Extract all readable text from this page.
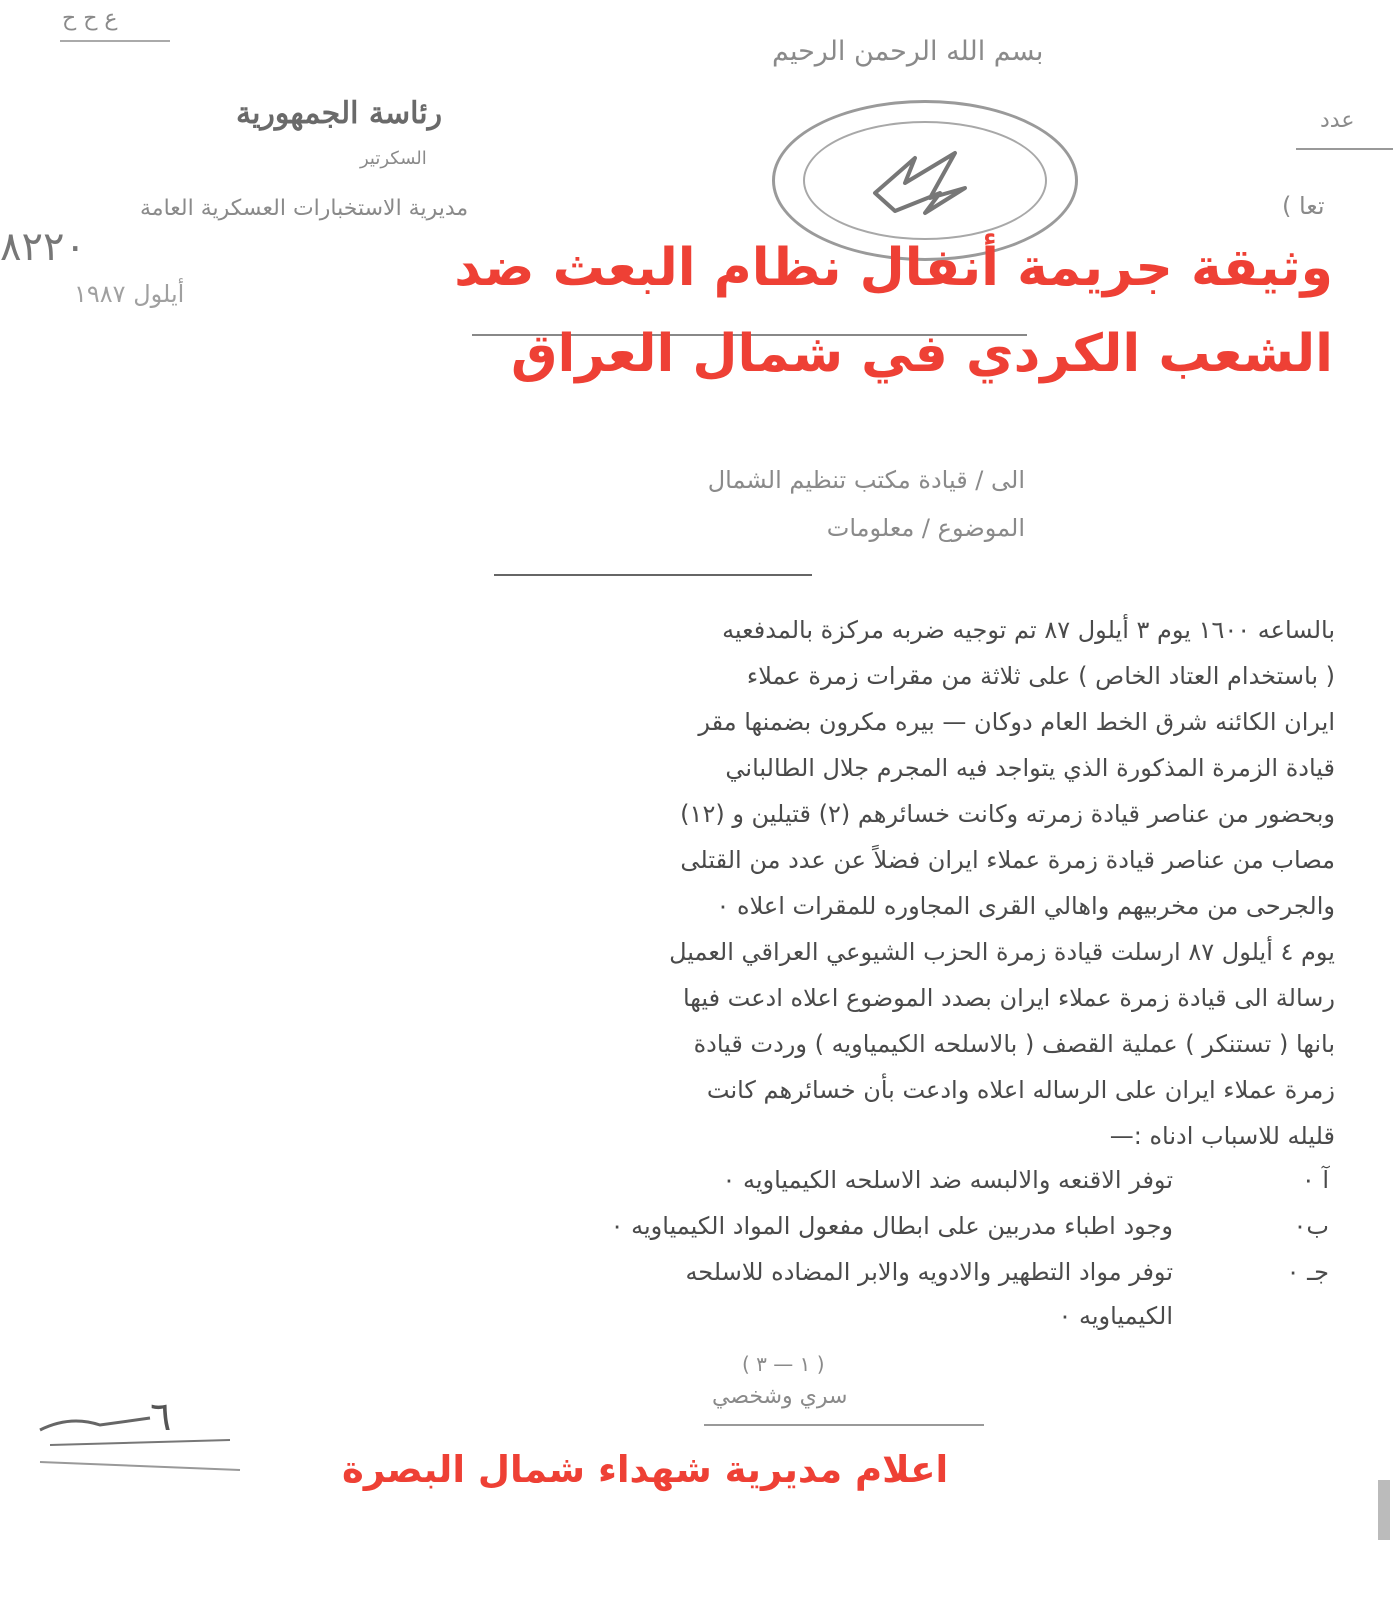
ع ح ح
بسم الله الرحمن الرحيم
رئاسة الجمهورية
السكرتير
مديرية الاستخبارات العسكرية العامة
عدد
تعا )
٨٢٢٠
أيلول ١٩٨٧	وثيقة جريمة أنفال نظام البعث ضد
الشعب الكردي في شمال العراق
الى / قيادة مكتب تنظيم الشمال
الموضوع / معلومات
بالساعه ١٦٠٠ يوم ٣ أيلول ٨٧ تم توجيه ضربه مركزة بالمدفعيه
( باستخدام العتاد الخاص ) على ثلاثة من مقرات زمرة عملاء
ايران الكائنه شرق الخط العام دوكان — بيره مكرون بضمنها مقر
قيادة الزمرة المذكورة الذي يتواجد فيه المجرم جلال الطالباني
وبحضور من عناصر قيادة زمرته وكانت خسائرهم (٢) قتيلين و (١٢)
مصاب من عناصر قيادة زمرة عملاء ايران فضلاً عن عدد من القتلى
والجرحى من مخربيهم واهالي القرى المجاوره للمقرات اعلاه ۰
يوم ٤ أيلول ٨٧ ارسلت قيادة زمرة الحزب الشيوعي العراقي العميل
رسالة الى قيادة زمرة عملاء ايران بصدد الموضوع اعلاه ادعت فيها
بانها ( تستنكر ) عملية القصف ( بالاسلحه الكيمياويه ) وردت قيادة
زمرة عملاء ايران على الرساله اعلاه وادعت بأن خسائرهم كانت
قليله للاسباب ادناه :—
آ ۰
توفر الاقنعه والالبسه ضد الاسلحه الكيمياويه ۰
ب۰
وجود اطباء مدربين على ابطال مفعول المواد الكيمياويه ۰
جـ ۰
توفر مواد التطهير والادويه والابر المضاده للاسلحه
الكيمياويه ۰
( ١ — ٣ )
سري وشخصي
٦
اعلام مديرية شهداء شمال البصرة
